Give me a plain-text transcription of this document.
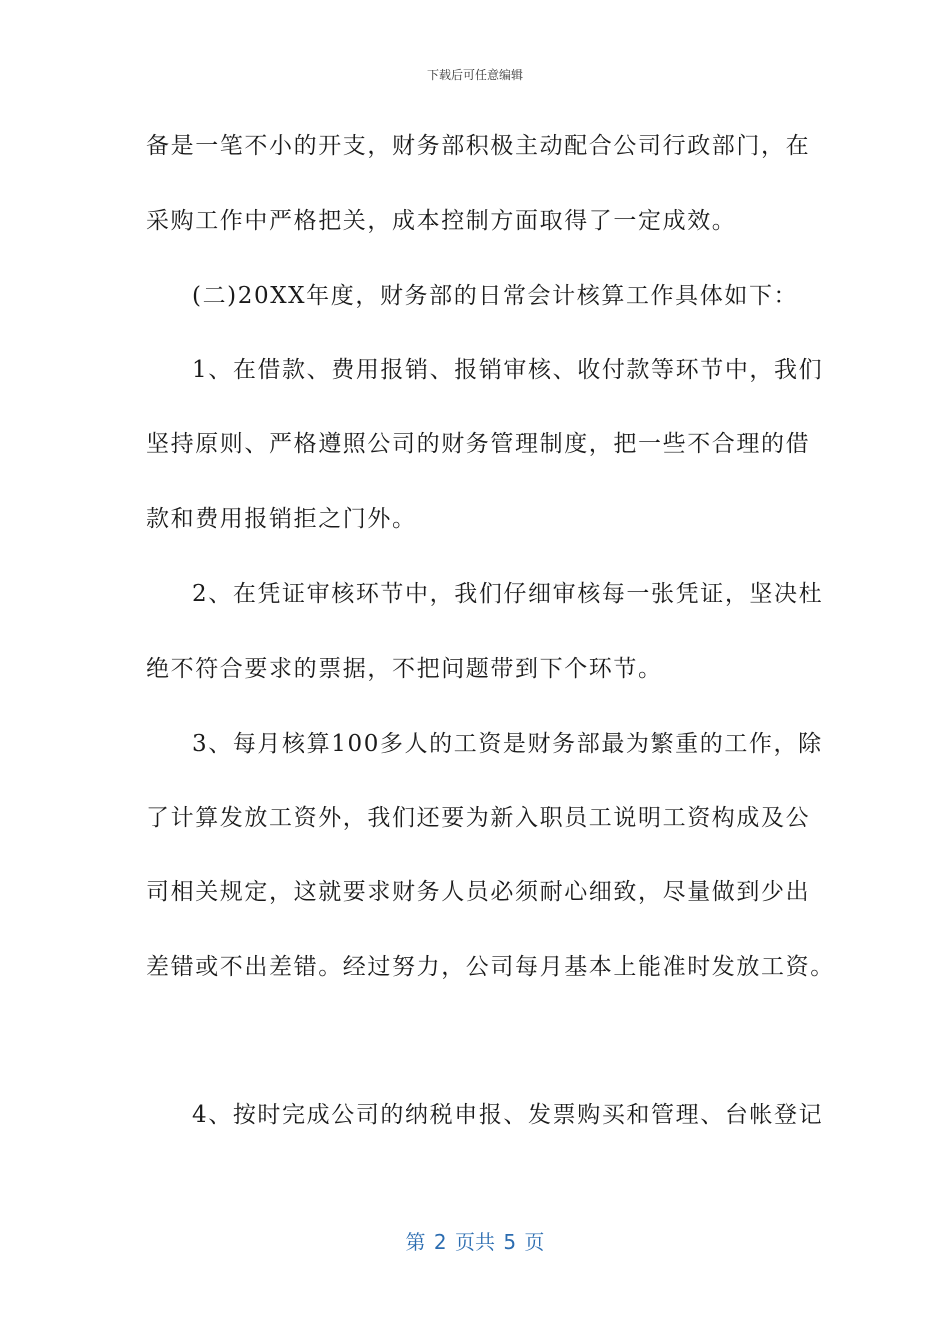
下载后可任意编辑
备是一笔不小的开支，财务部积极主动配合公司行政部门，在
采购工作中严格把关，成本控制方面取得了一定成效。
(二)20XX年度，财务部的日常会计核算工作具体如下：
1、在借款、费用报销、报销审核、收付款等环节中，我们
坚持原则、严格遵照公司的财务管理制度，把一些不合理的借
款和费用报销拒之门外。
2、在凭证审核环节中，我们仔细审核每一张凭证，坚决杜
绝不符合要求的票据，不把问题带到下个环节。
3、每月核算100多人的工资是财务部最为繁重的工作，除
了计算发放工资外，我们还要为新入职员工说明工资构成及公
司相关规定，这就要求财务人员必须耐心细致，尽量做到少出
差错或不出差错。经过努力，公司每月基本上能准时发放工资。
4、按时完成公司的纳税申报、发票购买和管理、台帐登记
第 2 页共 5 页
